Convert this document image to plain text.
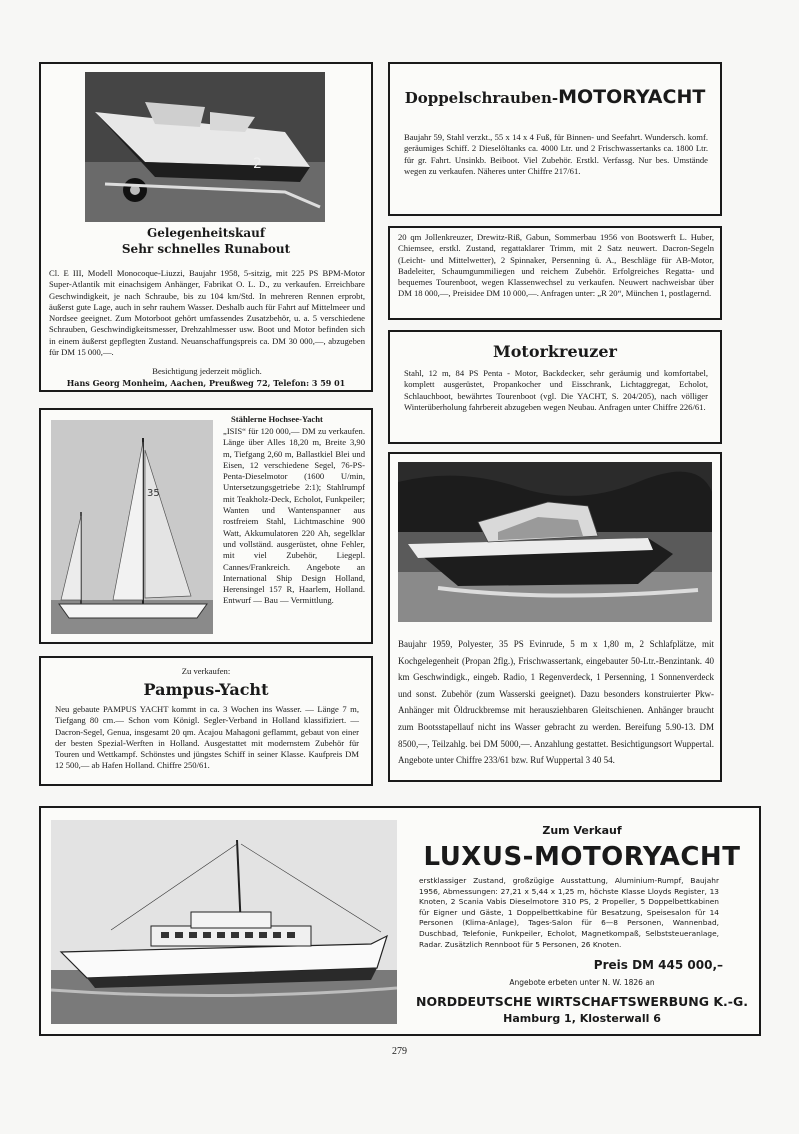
2

Gelegenheitskauf

Sehr schnelles Runabout

Cl. E III, Modell Monocoque-Liuzzi, Baujahr 1958, 5-sitzig, mit 225 PS BPM-Motor Super-Atlantik mit einachsigem Anhänger, Fabrikat O. L. D., zu verkaufen. Erreichbare Geschwindigkeit, je nach Schraube, bis zu 104 km/Std. In mehreren Rennen erprobt, äußerst gute Lage, auch in sehr rauhem Wasser. Deshalb auch für Fahrt auf Mittelmeer und Nordsee geeignet. Zum Motorboot gehört umfassendes Zusatzbehör, u. a. 5 verschiedene Schrauben, Geschwindigkeitsmesser, Drehzahlmesser usw. Boot und Motor befinden sich in einem äußerst gepflegten Zustand. Neuanschaffungspreis ca. DM 30 000,—, abzugeben für DM 15 000,—.

Besichtigung jederzeit möglich.

Hans Georg Monheim, Aachen, Preußweg 72, Telefon: 3 59 01

Doppelschrauben-MOTORYACHT

Baujahr 59, Stahl verzkt., 55 x 14 x 4 Fuß, für Binnen- und Seefahrt. Wundersch. komf. geräumiges Schiff. 2 Dieselöltanks ca. 4000 Ltr. und 2 Frischwassertanks ca. 1800 Ltr. für gr. Fahrt. Unsinkb. Beiboot. Viel Zubehör. Erstkl. Verfassg. Nur bes. Umstände wegen zu verkaufen. Näheres unter Chiffre 217/61.

20 qm Jollenkreuzer, Drewitz-Riß, Gabun, Sommerbau 1956 von Bootswerft L. Huber, Chiemsee, erstkl. Zustand, regattaklarer Trimm, mit 2 Satz neuwert. Dacron-Segeln (Leicht- und Mittelwetter), 2 Spinnaker, Persenning ü. A., Beschläge für AB-Motor, Badeleiter, Schaumgummiliegen und reichem Zubehör. Erfolgreiches Regatta- und bequemes Tourenboot, wegen Klassenwechsel zu verkaufen. Neuwert nachweisbar über DM 18 000,—, Preisidee DM 10 000,—. Anfragen unter: „R 20“, München 1, postlagernd.

Motorkreuzer

Stahl, 12 m, 84 PS Penta - Motor, Backdecker, sehr geräumig und komfortabel, komplett ausgerüstet, Propankocher und Eisschrank, Lichtaggregat, Echolot, Schlauchboot, bewährtes Tourenboot (vgl. Die YACHT, S. 204/205), nach völliger Winterüberholung fahrbereit abzugeben wegen Neubau. Anfragen unter Chiffre 226/61.

35

Stählerne Hochsee-Yacht

„ISIS“ für 120 000,— DM zu verkaufen. Länge über Alles 18,20 m, Breite 3,90 m, Tiefgang 2,60 m, Ballastkiel Blei und Eisen, 12 verschiedene Segel, 76-PS-Penta-Dieselmotor (1600 U/min, Untersetzungsgetriebe 2:1); Stahlrumpf mit Teakholz-Deck, Echolot, Funkpeiler; Wanten und Wantenspanner aus rostfreiem Stahl, Lichtmaschine 900 Watt, Akkumulatoren 220 Ah, segelklar und vollständ. ausgerüstet, ohne Fehler, mit viel Zubehör, Liegepl. Cannes/Frankreich. Angebote an International Ship Design Holland, Herensingel 157 R, Haarlem, Holland. Entwurf — Bau — Vermittlung.

Baujahr 1959, Polyester, 35 PS Evinrude, 5 m x 1,80 m, 2 Schlafplätze, mit Kochgelegenheit (Propan 2flg.), Frischwassertank, eingebauter 50-Ltr.-Benzintank. 40 km Geschwindigk., eingeb. Radio, 1 Regenverdeck, 1 Persenning, 1 Sonnenverdeck und sonst. Zubehör (zum Wasserski geeignet). Dazu besonders konstruierter Pkw-Anhänger mit Öldruckbremse mit herausziehbaren Gleitschienen. Anhänger braucht zum Bootsstapellauf nicht ins Wasser gebracht zu werden. Bereifung 5.90-13. DM 8500,—, Teilzahlg. bei DM 5000,—. Anzahlung gestattet. Besichtigungsort Wuppertal. Angebote unter Chiffre 233/61 bzw. Ruf Wuppertal 3 40 54.

Zu verkaufen:

Pampus-Yacht

Neu gebaute PAMPUS YACHT kommt in ca. 3 Wochen ins Wasser. — Länge 7 m, Tiefgang 80 cm.— Schon vom Königl. Segler-Verband in Holland klassifiziert. — Dacron-Segel, Genua, insgesamt 20 qm. Acajou Mahagoni geflammt, gebaut von einer der besten Spezial-Werften in Holland. Ausgestattet mit modernstem Zubehör für Touren und Wettkampf. Schönstes und jüngstes Schiff in seiner Klasse. Kaufpreis DM 12 500,— ab Hafen Holland. Chiffre 250/61.

Zum Verkauf

LUXUS-MOTORYACHT

erstklassiger Zustand, großzügige Ausstattung, Aluminium-Rumpf, Baujahr 1956, Abmessungen: 27,21 x 5,44 x 1,25 m, höchste Klasse Lloyds Register, 13 Knoten, 2 Scania Vabis Dieselmotore 310 PS, 2 Propeller, 5 Doppelbettkabinen für Eigner und Gäste, 1 Doppelbettkabine für Besatzung, Speisesalon für 14 Personen (Klima-Anlage), Tages-Salon für 6—8 Personen, Wannenbad, Duschbad, Telefonie, Funkpeiler, Echolot, Magnetkompaß, Selbststeueranlage, Radar. Zusätzlich Rennboot für 5 Personen, 26 Knoten.

Preis DM 445 000,–

Angebote erbeten unter N. W. 1826 an

NORDDEUTSCHE WIRTSCHAFTSWERBUNG K.-G.

Hamburg 1, Klosterwall 6

279
